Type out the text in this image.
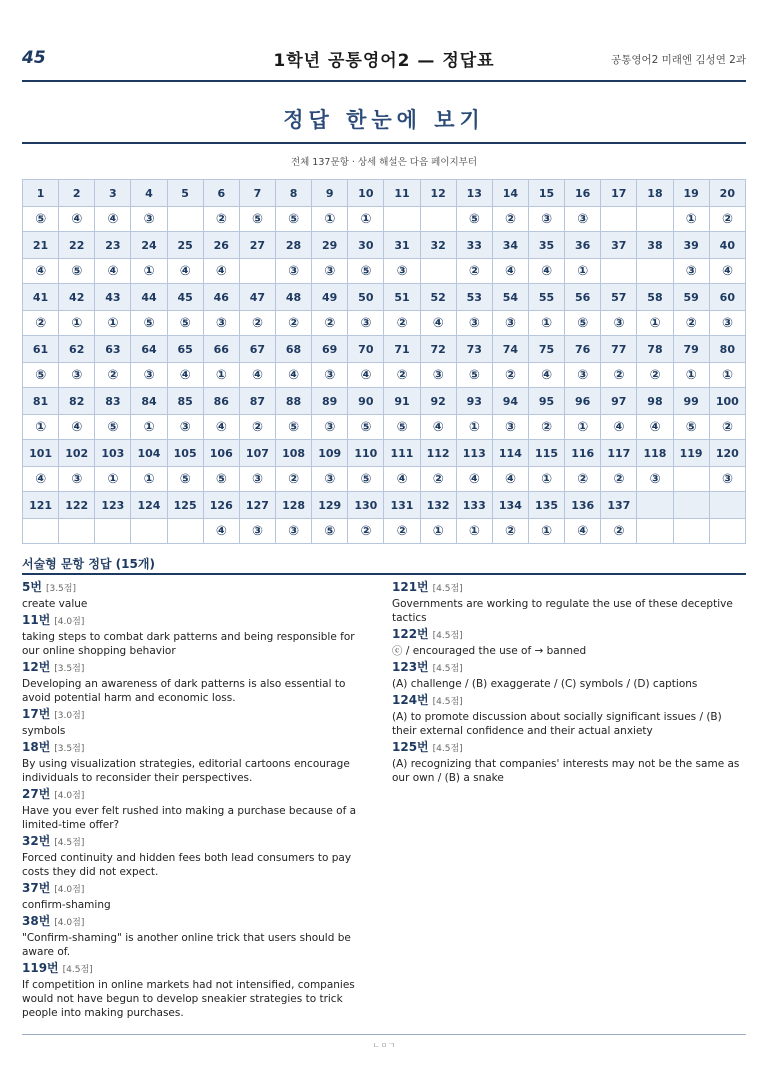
45	1학년 공통영어2 — 정답표	공통영어2 미래엔 김성연 2과
정답 한눈에 보기
전체 137문항 · 상세 해설은 다음 페이지부터
1	2	3	4	5	6	7	8	9	10	11	12	13	14	15	16	17	18	19	20
⑤	④	④	③		②	⑤	⑤	①	①			⑤	②	③	③			①	②
21	22	23	24	25	26	27	28	29	30	31	32	33	34	35	36	37	38	39	40
④	⑤	④	①	④	④		③	③	⑤	③		②	④	④	①			③	④
41	42	43	44	45	46	47	48	49	50	51	52	53	54	55	56	57	58	59	60
②	①	①	⑤	⑤	③	②	②	②	③	②	④	③	③	①	⑤	③	①	②	③
61	62	63	64	65	66	67	68	69	70	71	72	73	74	75	76	77	78	79	80
⑤	③	②	③	④	①	④	④	③	④	②	③	⑤	②	④	③	②	②	①	①
81	82	83	84	85	86	87	88	89	90	91	92	93	94	95	96	97	98	99	100
①	④	⑤	①	③	④	②	⑤	③	⑤	⑤	④	①	③	②	①	④	④	⑤	②
101	102	103	104	105	106	107	108	109	110	111	112	113	114	115	116	117	118	119	120
④	③	①	①	⑤	⑤	③	②	③	⑤	④	②	④	④	①	②	②	③		③
121	122	123	124	125	126	127	128	129	130	131	132	133	134	135	136	137			
					④	③	③	⑤	②	②	①	①	②	①	④	②			
서술형 문항 정답 (15개)
5번 [3.5점]
create value
11번 [4.0점]
taking steps to combat dark patterns and being responsible for our online shopping behavior
12번 [3.5점]
Developing an awareness of dark patterns is also essential to avoid potential harm and economic loss.
17번 [3.0점]
symbols
18번 [3.5점]
By using visualization strategies, editorial cartoons encourage individuals to reconsider their perspectives.
27번 [4.0점]
Have you ever felt rushed into making a purchase because of a limited-time offer?
32번 [4.5점]
Forced continuity and hidden fees both lead consumers to pay costs they did not expect.
37번 [4.0점]
confirm-shaming
38번 [4.0점]
"Confirm-shaming" is another online trick that users should be aware of.
119번 [4.5점]
If competition in online markets had not intensified, companies would not have begun to develop sneakier strategies to trick people into making purchases.
121번 [4.5점]
Governments are working to regulate the use of these deceptive tactics
122번 [4.5점]
ⓒ / encouraged the use of → banned
123번 [4.5점]
(A) challenge / (B) exaggerate / (C) symbols / (D) captions
124번 [4.5점]
(A) to promote discussion about socially significant issues / (B) their external confidence and their actual anxiety
125번 [4.5점]
(A) recognizing that companies' interests may not be the same as our own / (B) a snake
ㄴㅇㄱ
